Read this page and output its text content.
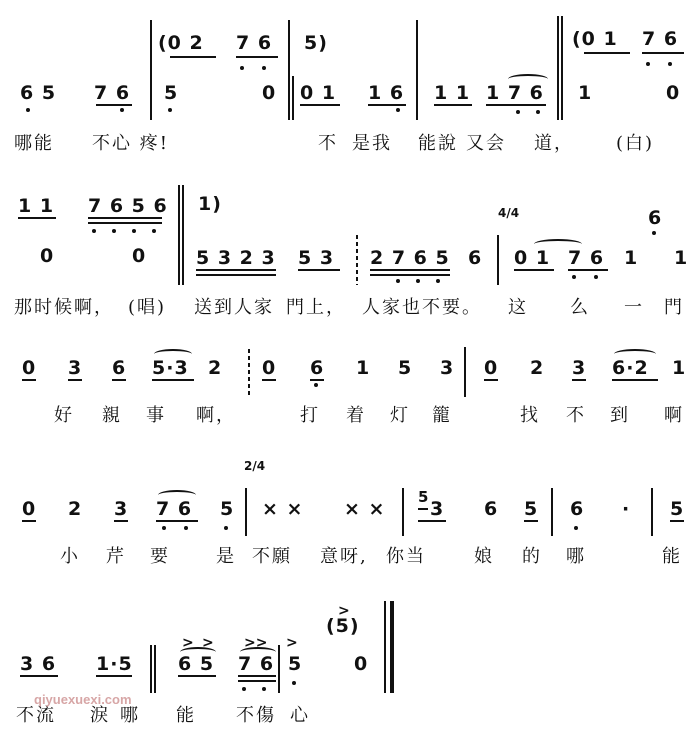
(0 2 7 6 5)	(0 1 7 6
6 5 7 6 5	0 0 1 1 6 1 1 1 7 6 1	0
哪能 不心 疼!	不 是我 能說 又会 道， (白)
1 1 7 6 5 6 1)	4/4	6
0	0	5 3 2 3 5 3 2 7 6 5 6 0 1 7 6 1 1
那时候啊， (唱) 送到人家 門上， 人家也不要。 这 么 一 門
0 3 6 5·3 2 0 6 1 5 3 0 2 3 6·2 1
好 親 事 啊，	打 着 灯 籠	找 不 到 啊
2/4
0 2 3 7 6 5 × × × ×
5
3 6 5 6 · 5
小 芹 要	是 不願 意呀, 你当	娘 的 哪	能
>
(5)
> > >> >
3 6 1·5 6 5 7 6 5	0
不流 淚 哪 能 不傷 心
qiyuexuexi.com
